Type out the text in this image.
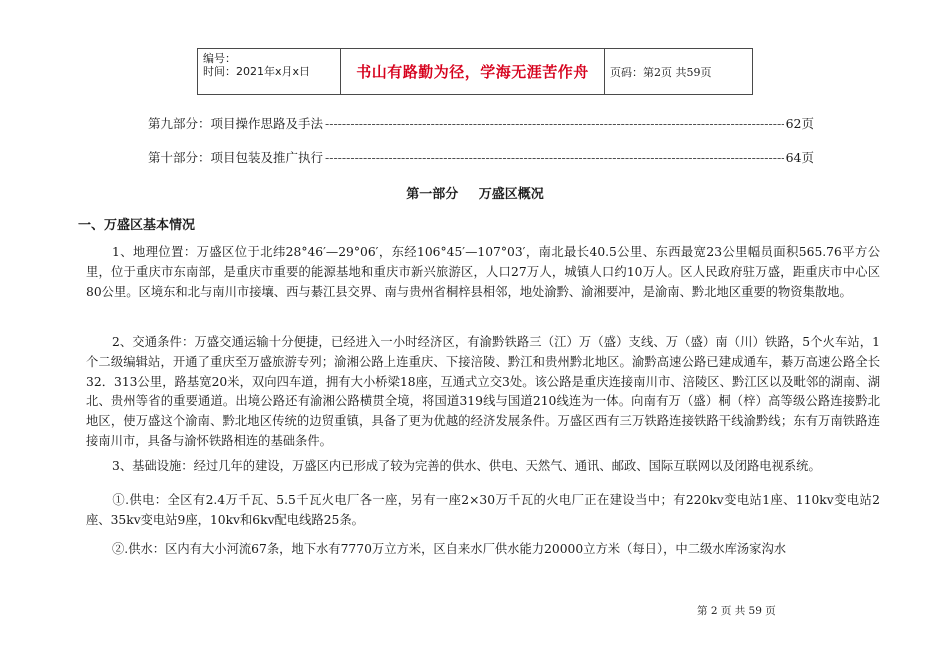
编号：
时间：2021年x月x日	书山有路勤为径，学海无涯苦作舟	页码：第2页 共59页
第九部分：项目操作思路及手法 -----	62页
第十部分：项目包装及推广执行 -----	64页
第一部分 万盛区概况
一、万盛区基本情况
1、地理位置：万盛区位于北纬28°46′—29°06′，东经106°45′—107°03′，南北最长40.5公里、东西最宽23公里幅员面积565.76平方公里，位于重庆市东南部，是重庆市重要的能源基地和重庆市新兴旅游区，人口27万人，城镇人口约10万人。区人民政府驻万盛，距重庆市中心区80公里。区境东和北与南川市接壤、西与綦江县交界、南与贵州省桐梓县相邻，地处渝黔、渝湘要冲，是渝南、黔北地区重要的物资集散地。
2、交通条件：万盛交通运输十分便捷，已经进入一小时经济区，有渝黔铁路三（江）万（盛）支线、万（盛）南（川）铁路，5个火车站，1个二级编辑站，开通了重庆至万盛旅游专列；渝湘公路上连重庆、下接涪陵、黔江和贵州黔北地区。渝黔高速公路已建成通车，綦万高速公路全长32．313公里，路基宽20米，双向四车道，拥有大小桥梁18座，互通式立交3处。该公路是重庆连接南川市、涪陵区、黔江区以及毗邻的湖南、湖北、贵州等省的重要通道。出境公路还有渝湘公路横贯全境，将国道319线与国道210线连为一体。向南有万（盛）桐（梓）高等级公路连接黔北地区，使万盛这个渝南、黔北地区传统的边贸重镇，具备了更为优越的经济发展条件。万盛区西有三万铁路连接铁路干线渝黔线；东有万南铁路连接南川市，具备与渝怀铁路相连的基础条件。
3、基础设施：经过几年的建设，万盛区内已形成了较为完善的供水、供电、天然气、通讯、邮政、国际互联网以及闭路电视系统。
①.供电：全区有2.4万千瓦、5.5千瓦火电厂各一座，另有一座2×30万千瓦的火电厂正在建设当中；有220kv变电站1座、110kv变电站2座、35kv变电站9座，10kv和6kv配电线路25条。
②.供水：区内有大小河流67条，地下水有7770万立方米，区自来水厂供水能力20000立方米（每日），中二级水库汤家沟水
第 2 页 共 59 页
